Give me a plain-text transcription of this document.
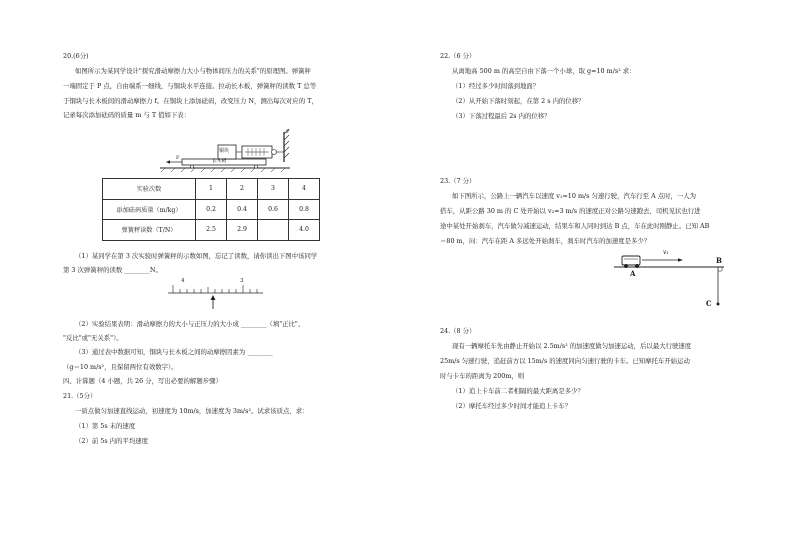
20.(6分)
如图所示为某同学设计"探究滑动摩擦力大小与物体间压力的关系"的原理图。弹簧秤
一端固定于 P 点，自由端系一细线，与铜块水平连接。拉动长木板，弹簧秤的读数 T 总等
于铜块与长木板间的滑动摩擦力 f。在铜块上添加砝码，改变压力 N，测出每次对应的 T，
记录每次添加砝码的质量 m 与 T 值如下表：
铜块
长木板
F
P
实验次数	1	2	3	4
添加砝码质量（m/kg）	0.2	0.4	0.6	0.8
弹簧秤读数（T/N）	2.5	2.9		4.0
（1）某同学在第 3 次实验时弹簧秤的示数如图，忘记了读数，请你读出下图中该同学
第 3 次弹簧秤的读数 ________N。
4	3
（2）实验结果表明：滑动摩擦力的大小与正压力的大小成 ________（填"正比"、
"反比"或"无关系"）。
（3）通过表中数据可知，铜块与长木板之间的动摩擦因素为 ________
（g＝10 m/s²，且保留两位有效数字）。
四、计算题（4 小题，共 26 分，写出必要的解题步骤）
21.（5分）
一质点做匀加速直线运动，初速度为 10m/s，加速度为 3m/s²。试求该质点，求：
（1）第 5s 末的速度
（2）前 5s 内的平均速度
22.（6 分）
从离地高 500 m 的高空自由下落一个小球，取 g=10 m/s² 求：
（1）经过多少时间落到地面？
（2）从开始下落时刻起，在第 2 s 内的位移？
（3）下落过程最后 2s 内的位移？
23.（7 分）
如下图所示，公路上一辆汽车以速度 v₁=10 m/s 匀速行驶，汽车行至 A 点时，一人为
搭车，从距公路 30 m 的 C 处开始以 v₂=3 m/s 的速度正对公路匀速跑去，司机见状也行进
途中某处开始刹车，汽车做匀减速运动，结果车和人同时到达 B 点，车在此时刚静止。已知 AB
＝80 m，问：汽车在距 A 多远处开始刹车，刹车时汽车的加速度是多少？
A
B
C
v₁
24.（8 分）
现有一辆摩托车先由静止开始以 2.5m/s² 的加速度做匀加速运动，后以最大行驶速度
25m/s 匀速行驶，追赶前方以 15m/s 的速度同向匀速行驶的卡车。已知摩托车开始运动
时与卡车的距离为 200m，则
（1）追上卡车前二者相隔的最大距离是多少？
（2）摩托车经过多少时间才能追上卡车？
